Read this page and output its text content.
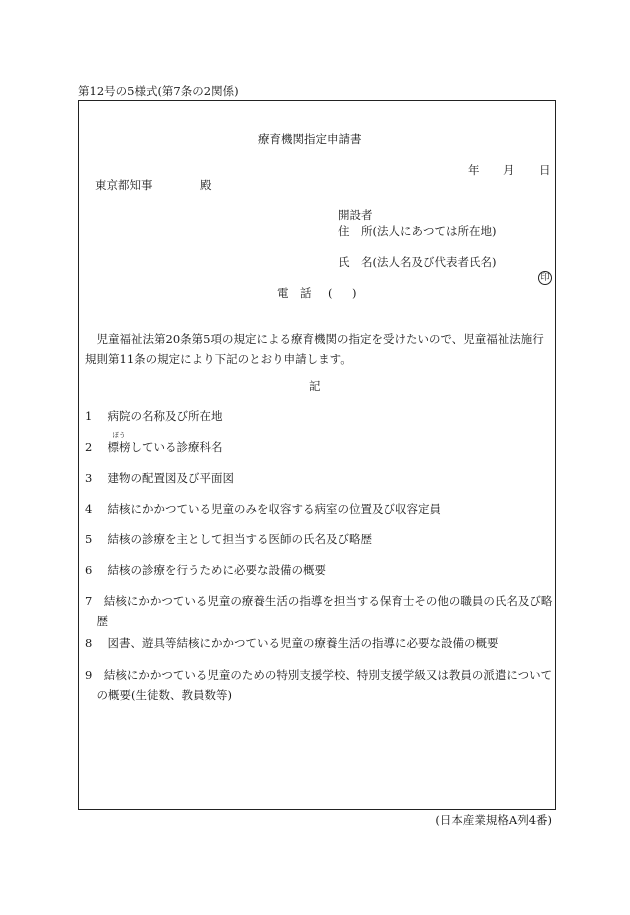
第12号の5様式(第7条の2関係)
療育機関指定申請書
年 月 日
東京都知事	殿
開設者
住　所(法人にあつては所在地)
氏　名(法人名及び代表者氏名)
印
電　話 ( )
児童福祉法第20条第5項の規定による療育機関の指定を受けたいので、児童福祉法施行規則第11条の規定により下記のとおり申請します。
記
1　 病院の名称及び所在地
2　
ぼう
標榜している診療科名
3　 建物の配置図及び平面図
4　 結核にかかつている児童のみを収容する病室の位置及び収容定員
5　 結核の診療を主として担当する医師の氏名及び略歴
6　 結核の診療を行うために必要な設備の概要
7　 結核にかかつている児童の療養生活の指導を担当する保育士その他の職員の氏名及び略歴
8　 図書、遊具等結核にかかつている児童の療養生活の指導に必要な設備の概要
9　 結核にかかつている児童のための特別支援学校、特別支援学級又は教員の派遣についての概要(生徒数、教員数等)
(日本産業規格A列4番)
